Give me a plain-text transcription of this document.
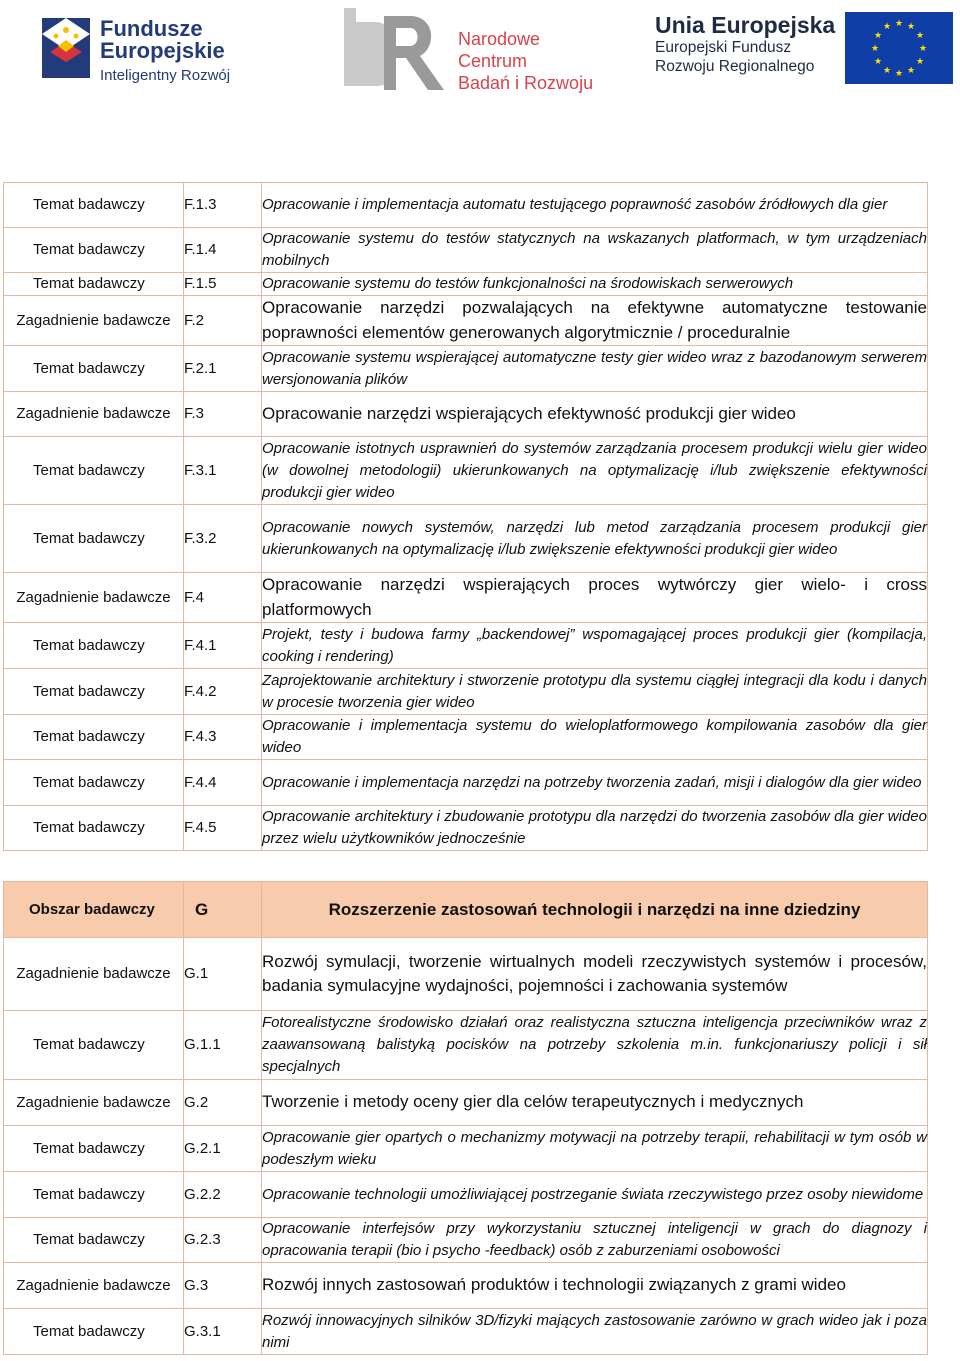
Fundusze
Europejskie
Inteligentny Rozwój
Narodowe Centrum
Badań i Rozwoju
Unia Europejska
Europejski Fundusz
Rozwoju Regionalnego
★ ★
★
★
★
★
★
★
★
★
★
★
Temat badawczy	F.1.3	Opracowanie i implementacja automatu testującego poprawność zasobów źródłowych dla gier
Temat badawczy	F.1.4	Opracowanie systemu do testów statycznych na wskazanych platformach, w tym urządzeniach mobilnych
Temat badawczy	F.1.5	Opracowanie systemu do testów funkcjonalności na środowiskach serwerowych
Zagadnienie badawcze	F.2	Opracowanie narzędzi pozwalających na efektywne automatyczne testowanie poprawności elementów generowanych algorytmicznie / proceduralnie
Temat badawczy	F.2.1	Opracowanie systemu wspierającej automatyczne testy gier wideo wraz z bazodanowym serwerem wersjonowania plików
Zagadnienie badawcze	F.3	Opracowanie narzędzi wspierających efektywność produkcji gier wideo
Temat badawczy	F.3.1	Opracowanie istotnych usprawnień do systemów zarządzania procesem produkcji wielu gier wideo (w dowolnej metodologii) ukierunkowanych na optymalizację i/lub zwiększenie efektywności produkcji gier wideo
Temat badawczy	F.3.2	Opracowanie nowych systemów, narzędzi lub metod zarządzania procesem produkcji gier ukierunkowanych na optymalizację i/lub zwiększenie efektywności produkcji gier wideo
Zagadnienie badawcze	F.4	Opracowanie narzędzi wspierających proces wytwórczy gier wielo- i cross platformowych
Temat badawczy	F.4.1	Projekt, testy i budowa farmy „backendowej” wspomagającej proces produkcji gier (kompilacja, cooking i rendering)
Temat badawczy	F.4.2	Zaprojektowanie architektury i stworzenie prototypu dla systemu ciągłej integracji dla kodu i danych w procesie tworzenia gier wideo
Temat badawczy	F.4.3	Opracowanie i implementacja systemu do wieloplatformowego kompilowania zasobów dla gier wideo
Temat badawczy	F.4.4	Opracowanie i implementacja narzędzi na potrzeby tworzenia zadań, misji i dialogów dla gier wideo
Temat badawczy	F.4.5	Opracowanie architektury i zbudowanie prototypu dla narzędzi do tworzenia zasobów dla gier wideo przez wielu użytkowników jednocześnie
Obszar badawczy	G	Rozszerzenie zastosowań technologii i narzędzi na inne dziedziny
Zagadnienie badawcze	G.1	Rozwój symulacji, tworzenie wirtualnych modeli rzeczywistych systemów i procesów, badania symulacyjne wydajności, pojemności i zachowania systemów
Temat badawczy	G.1.1	Fotorealistyczne środowisko działań oraz realistyczna sztuczna inteligencja przeciwników wraz z zaawansowaną balistyką pocisków na potrzeby szkolenia m.in. funkcjonariuszy policji i sił specjalnych
Zagadnienie badawcze	G.2	Tworzenie i metody oceny gier dla celów terapeutycznych i medycznych
Temat badawczy	G.2.1	Opracowanie gier opartych o mechanizmy motywacji na potrzeby terapii, rehabilitacji w tym osób w podeszłym wieku
Temat badawczy	G.2.2	Opracowanie technologii umożliwiającej postrzeganie świata rzeczywistego przez osoby niewidome
Temat badawczy	G.2.3	Opracowanie interfejsów przy wykorzystaniu sztucznej inteligencji w grach do diagnozy i opracowania terapii (bio i psycho -feedback) osób z zaburzeniami osobowości
Zagadnienie badawcze	G.3	Rozwój innych zastosowań produktów i technologii związanych z grami wideo
Temat badawczy	G.3.1	Rozwój innowacyjnych silników 3D/fizyki mających zastosowanie zarówno w grach wideo jak i poza nimi
